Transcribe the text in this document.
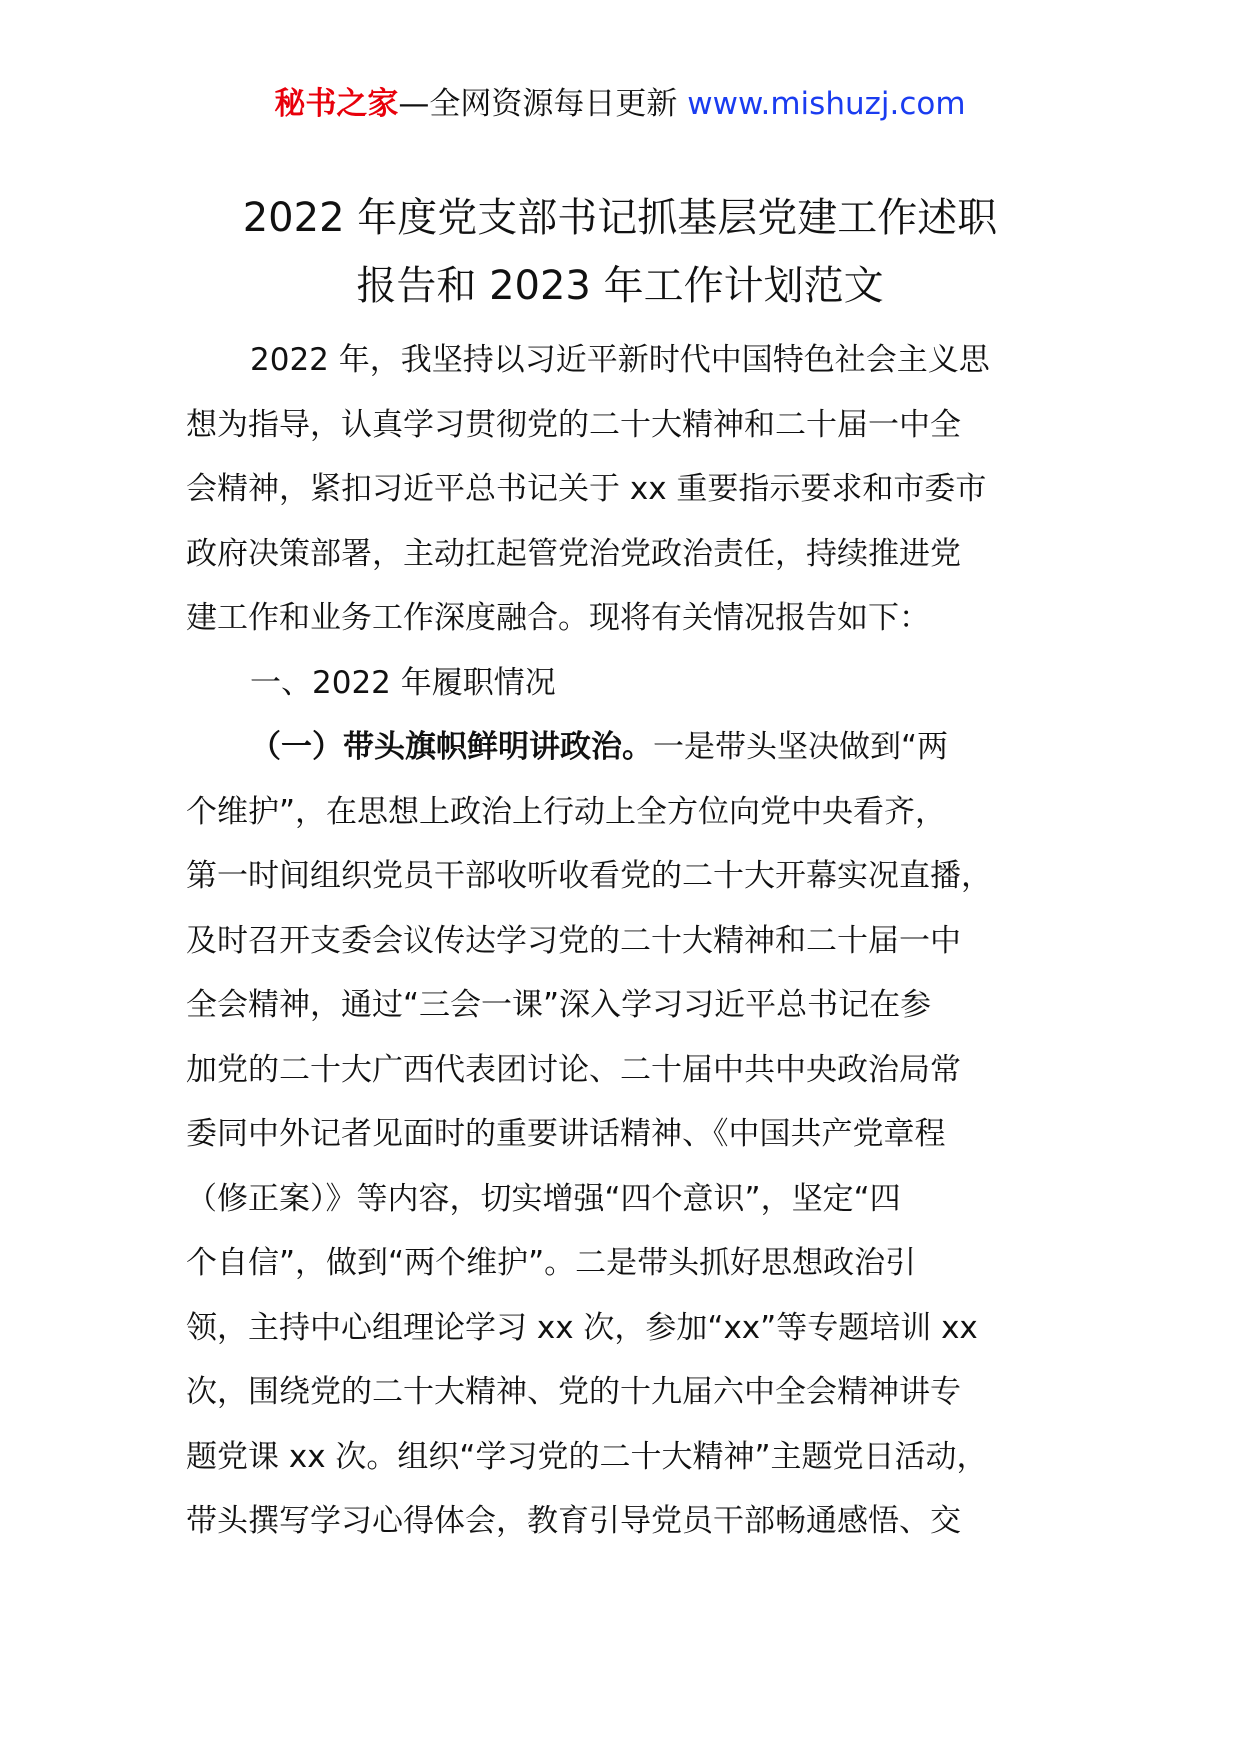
秘书之家—全网资源每日更新 www.mishuzj.com
2022 年度党支部书记抓基层党建工作述职
报告和 2023 年工作计划范文
2022 年，我坚持以习近平新时代中国特色社会主义思
想为指导，认真学习贯彻党的二十大精神和二十届一中全
会精神，紧扣习近平总书记关于 xx 重要指示要求和市委市
政府决策部署，主动扛起管党治党政治责任，持续推进党
建工作和业务工作深度融合。现将有关情况报告如下：
一、2022 年履职情况
（一）带头旗帜鲜明讲政治。一是带头坚决做到“两
个维护”，在思想上政治上行动上全方位向党中央看齐，
第一时间组织党员干部收听收看党的二十大开幕实况直播，
及时召开支委会议传达学习党的二十大精神和二十届一中
全会精神，通过“三会一课”深入学习习近平总书记在参
加党的二十大广西代表团讨论、二十届中共中央政治局常
委同中外记者见面时的重要讲话精神、《中国共产党章程
（修正案）》等内容，切实增强“四个意识”，坚定“四
个自信”，做到“两个维护”。二是带头抓好思想政治引
领，主持中心组理论学习 xx 次，参加“xx”等专题培训 xx
次，围绕党的二十大精神、党的十九届六中全会精神讲专
题党课 xx 次。组织“学习党的二十大精神”主题党日活动，
带头撰写学习心得体会，教育引导党员干部畅通感悟、交
